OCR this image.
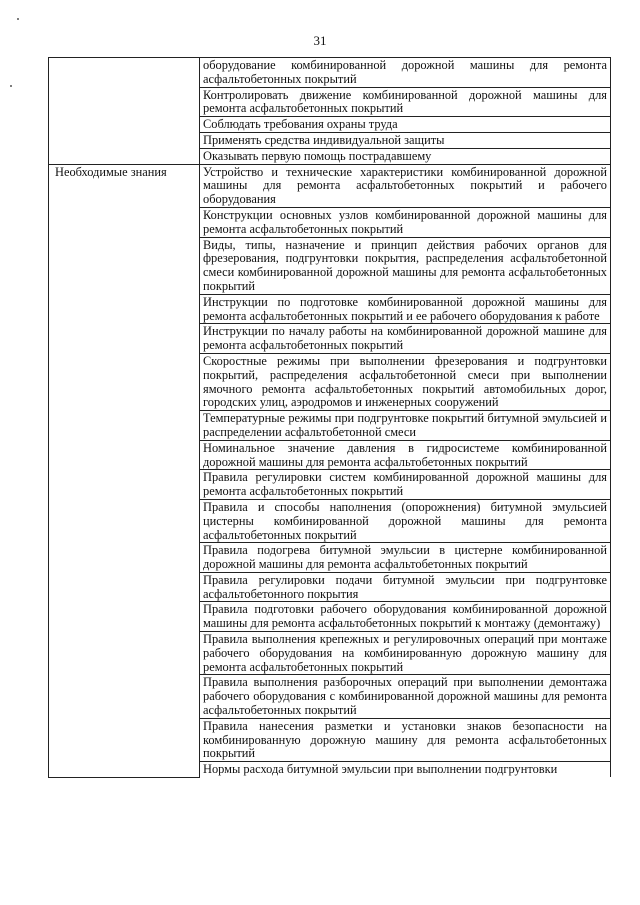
31
	оборудование комбинированной дорожной машины для ремонта асфальтобетонных покрытий
	Контролировать движение комбинированной дорожной машины для ремонта асфальтобетонных покрытий
	Соблюдать требования охраны труда
	Применять средства индивидуальной защиты
	Оказывать первую помощь пострадавшему
Необходимые знания	Устройство и технические характеристики комбинированной дорожной машины для ремонта асфальтобетонных покрытий и рабочего оборудования
	Конструкции основных узлов комбинированной дорожной машины для ремонта асфальтобетонных покрытий
	Виды, типы, назначение и принцип действия рабочих органов для фрезерования, подгрунтовки покрытия, распределения асфальтобетонной смеси комбинированной дорожной машины для ремонта асфальтобетонных покрытий
	Инструкции по подготовке комбинированной дорожной машины для ремонта асфальтобетонных покрытий и ее рабочего оборудования к работе
	Инструкции по началу работы на комбинированной дорожной машине для ремонта асфальтобетонных покрытий
	Скоростные режимы при выполнении фрезерования и подгрунтовки покрытий, распределения асфальтобетонной смеси при выполнении ямочного ремонта асфальтобетонных покрытий автомобильных дорог, городских улиц, аэродромов и инженерных сооружений
	Температурные режимы при подгрунтовке покрытий битумной эмульсией и распределении асфальтобетонной смеси
	Номинальное значение давления в гидросистеме комбинированной дорожной машины для ремонта асфальтобетонных покрытий
	Правила регулировки систем комбинированной дорожной машины для ремонта асфальтобетонных покрытий
	Правила и способы наполнения (опорожнения) битумной эмульсией цистерны комбинированной дорожной машины для ремонта асфальтобетонных покрытий
	Правила подогрева битумной эмульсии в цистерне комбинированной дорожной машины для ремонта асфальтобетонных покрытий
	Правила регулировки подачи битумной эмульсии при подгрунтовке асфальтобетонного покрытия
	Правила подготовки рабочего оборудования комбинированной дорожной машины для ремонта асфальтобетонных покрытий к монтажу (демонтажу)
	Правила выполнения крепежных и регулировочных операций при монтаже рабочего оборудования на комбинированную дорожную машину для ремонта асфальтобетонных покрытий
	Правила выполнения разборочных операций при выполнении демонтажа рабочего оборудования с комбинированной дорожной машины для ремонта асфальтобетонных покрытий
	Правила нанесения разметки и установки знаков безопасности на комбинированную дорожную машину для ремонта асфальтобетонных покрытий
	Нормы расхода битумной эмульсии при выполнении подгрунтовки
